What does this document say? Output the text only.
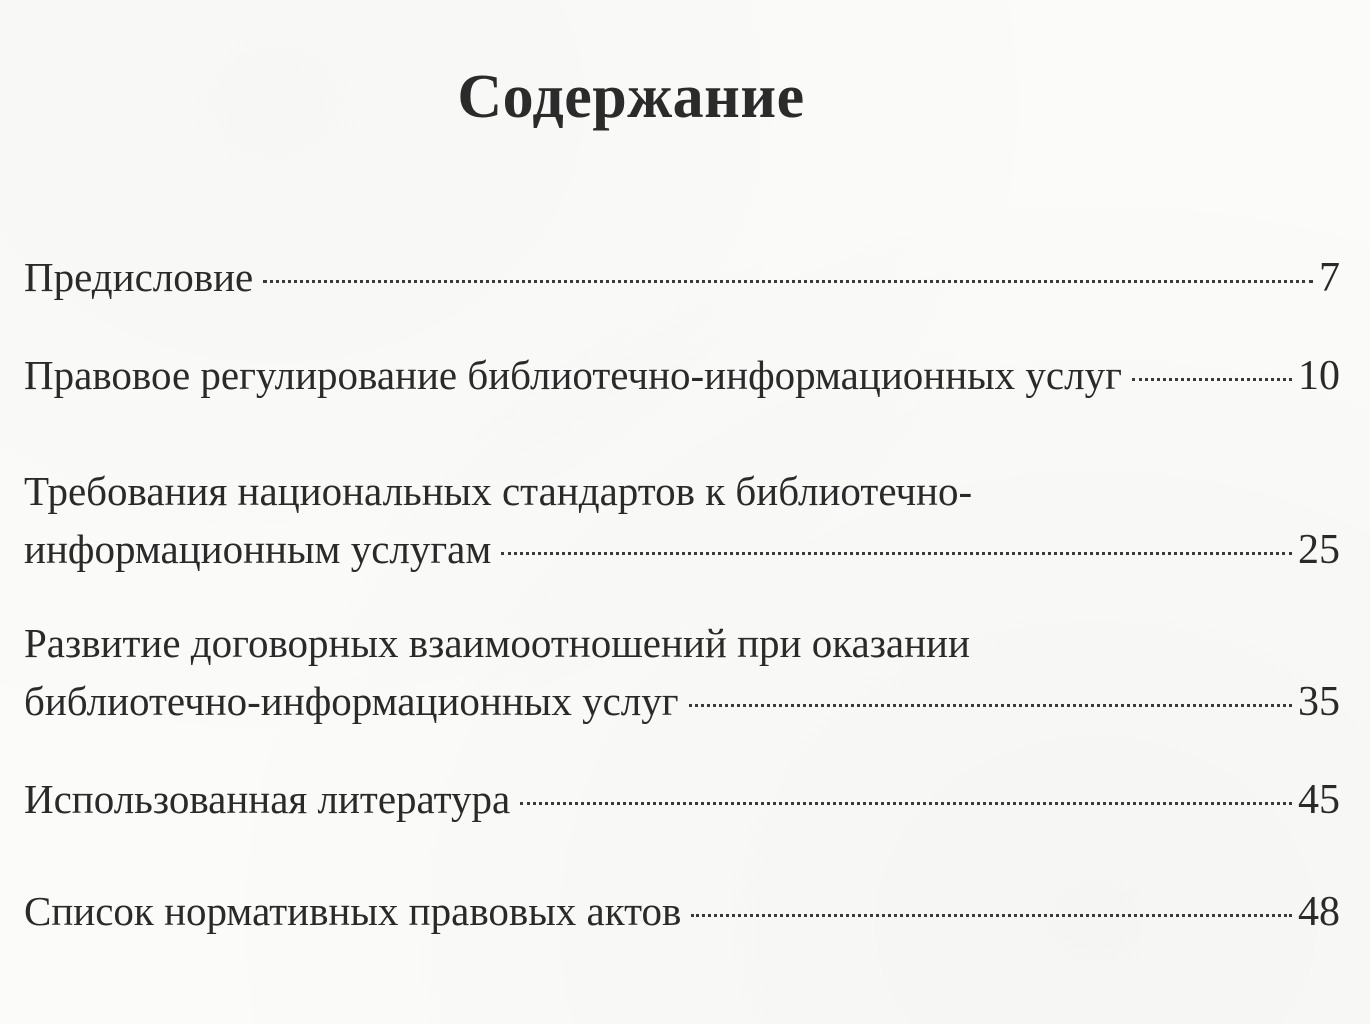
Содержание
Предисловие	7
Правовое регулирование библиотечно-информационных услуг	10
Требования национальных стандартов к библиотечно-
информационным услугам	25
Развитие договорных взаимоотношений при оказании
библиотечно-информационных услуг	35
Использованная литература	45
Список нормативных правовых актов	48
